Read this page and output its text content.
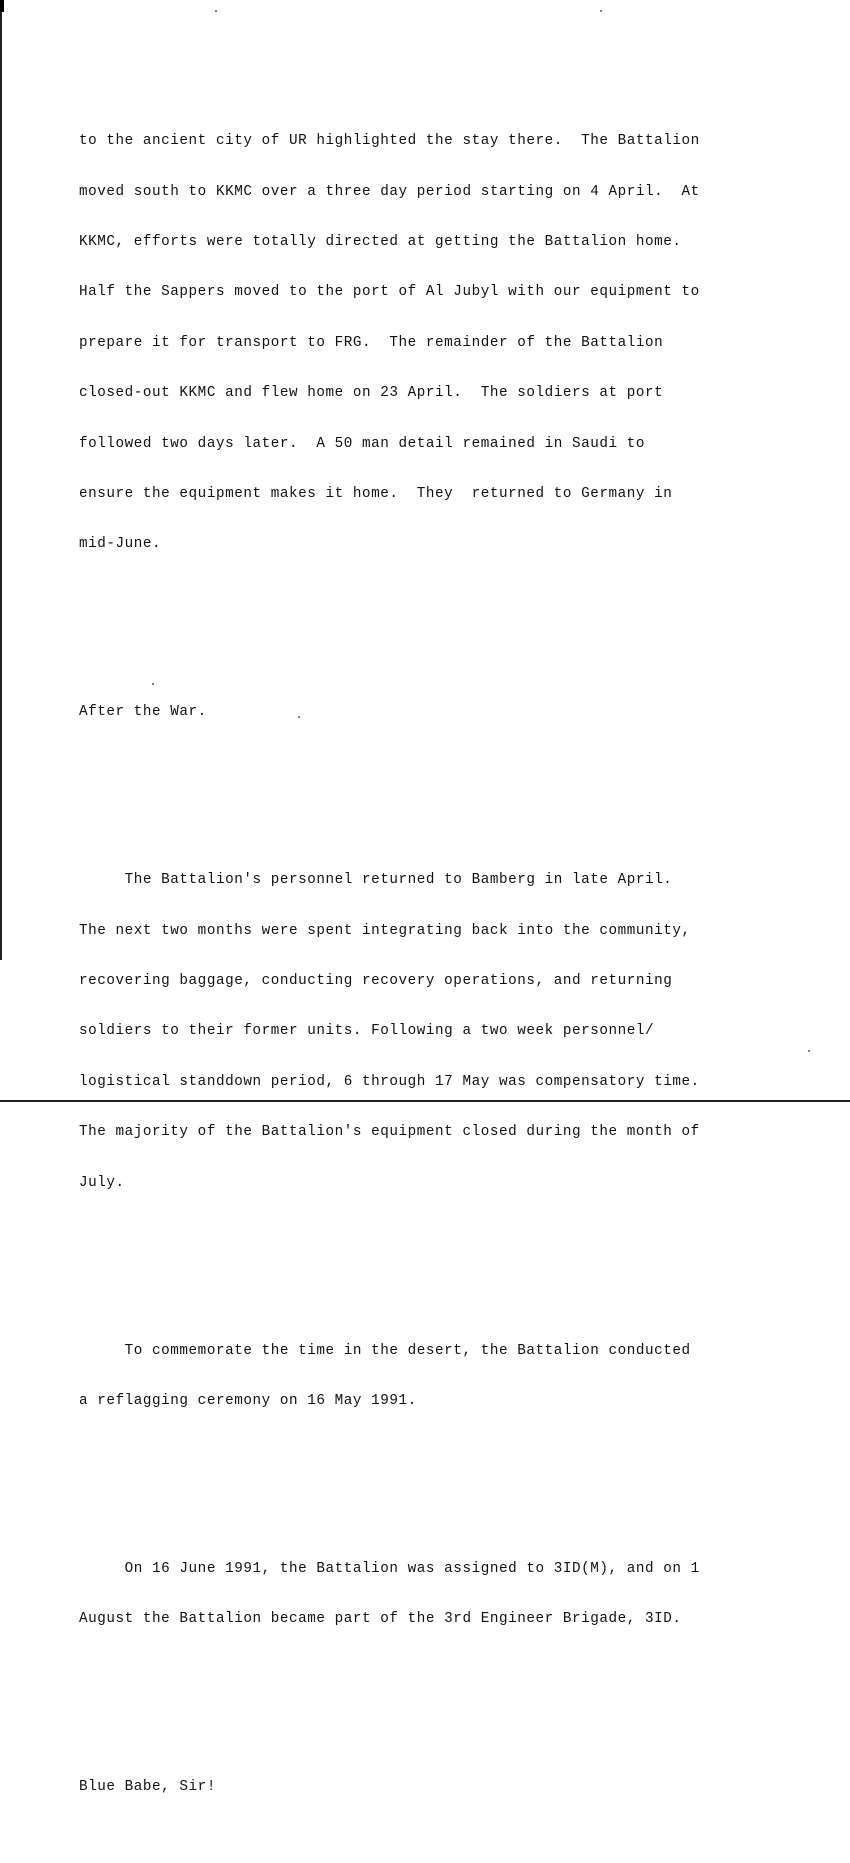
to the ancient city of UR highlighted the stay there.  The Battalion

moved south to KKMC over a three day period starting on 4 April.  At

KKMC, efforts were totally directed at getting the Battalion home.

Half the Sappers moved to the port of Al Jubyl with our equipment to

prepare it for transport to FRG.  The remainder of the Battalion

closed-out KKMC and flew home on 23 April.  The soldiers at port

followed two days later.  A 50 man detail remained in Saudi to

ensure the equipment makes it home.  They  returned to Germany in

mid-June.

After the War.

The Battalion's personnel returned to Bamberg in late April.

The next two months were spent integrating back into the community,

recovering baggage, conducting recovery operations, and returning

soldiers to their former units. Following a two week personnel/

logistical standdown period, 6 through 17 May was compensatory time.

The majority of the Battalion's equipment closed during the month of

July.

To commemorate the time in the desert, the Battalion conducted

a reflagging ceremony on 16 May 1991.

On 16 June 1991, the Battalion was assigned to 3ID(M), and on 1

August the Battalion became part of the 3rd Engineer Brigade, 3ID.

Blue Babe, Sir!
